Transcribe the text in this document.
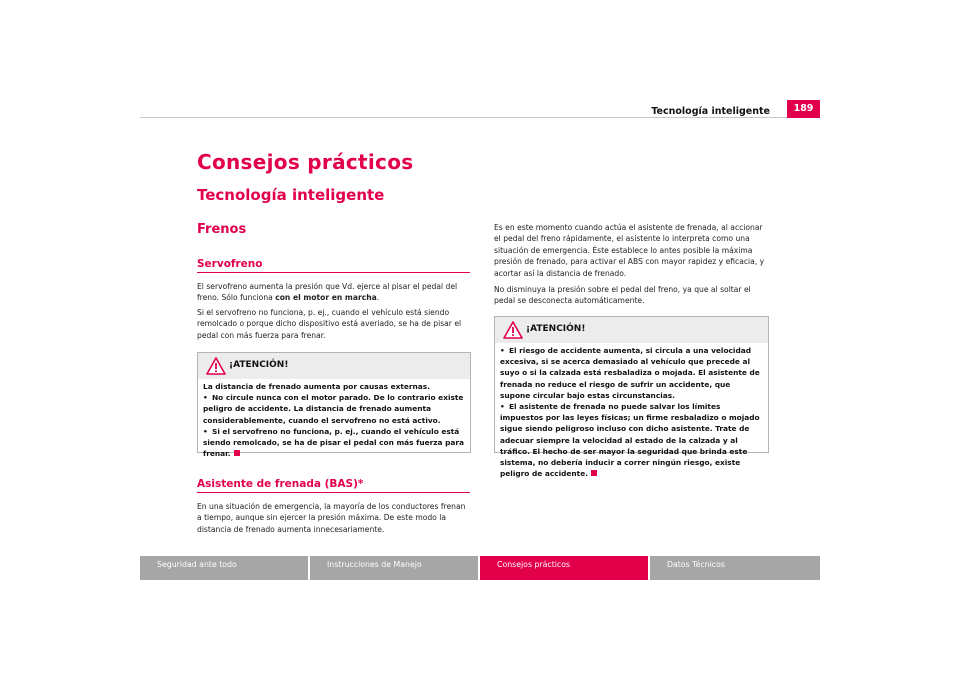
Tecnología inteligente	189
Consejos prácticos
Tecnología inteligente
Frenos
Servofreno

El servofreno aumenta la presión que Vd. ejerce al pisar el pedal del freno. Sólo funciona con el motor en marcha.

Si el servofreno no funciona, p. ej., cuando el vehículo está siendo remolcado o porque dicho dispositivo está averiado, se ha de pisar el pedal con más fuerza para frenar.

¡ATENCIÓN!
La distancia de frenado aumenta por causas externas.
• No circule nunca con el motor parado. De lo contrario existe peligro de accidente. La distancia de frenado aumenta considerablemente, cuando el servofreno no está activo.
• Si el servofreno no funciona, p. ej., cuando el vehículo está siendo remolcado, se ha de pisar el pedal con más fuerza para frenar.
Asistente de frenada (BAS)*

En una situación de emergencia, la mayoría de los conductores frenan a tiempo, aunque sin ejercer la presión máxima. De este modo la distancia de frenado aumenta innecesariamente.

Es en este momento cuando actúa el asistente de frenada, al accionar el pedal del freno rápidamente, el asistente lo interpreta como una situación de emergencia. Éste establece lo antes posible la máxima presión de frenado, para activar el ABS con mayor rapidez y eficacia, y acortar así la distancia de frenado.

No disminuya la presión sobre el pedal del freno, ya que al soltar el pedal se desconecta automáticamente.

¡ATENCIÓN!
• El riesgo de accidente aumenta, si circula a una velocidad excesiva, si se acerca demasiado al vehículo que precede al suyo o si la calzada está resbaladiza o mojada. El asistente de frenada no reduce el riesgo de sufrir un accidente, que supone circular bajo estas circunstancias.
• El asistente de frenada no puede salvar los límites impuestos por las leyes físicas; un firme resbaladizo o mojado sigue siendo peligroso incluso con dicho asistente. Trate de adecuar siempre la velocidad al estado de la calzada y al tráfico. El hecho de ser mayor la seguridad que brinda este sistema, no debería inducir a correr ningún riesgo, existe peligro de accidente.
Seguridad ante todo	Instrucciones de Manejo	Consejos prácticos	Datos Técnicos
